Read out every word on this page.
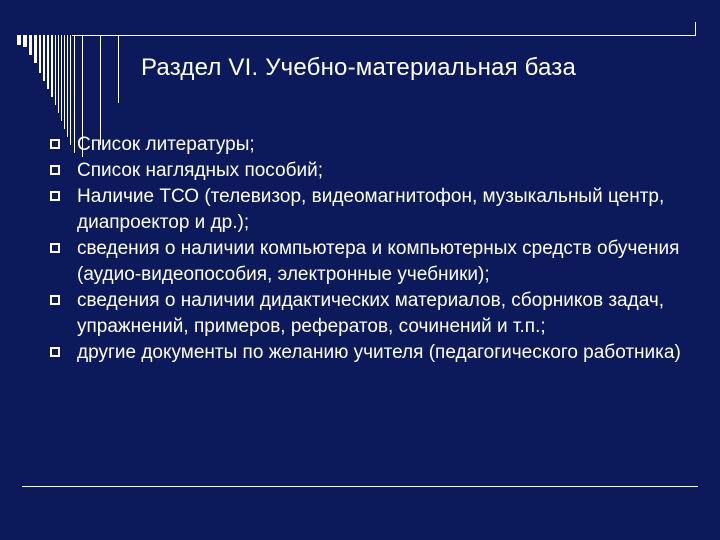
Раздел VI. Учебно-материальная база
Список литературы;
Список наглядных пособий;
Наличие ТСО (телевизор, видеомагнитофон, музыкальный центр, диапроектор и др.);
сведения о наличии компьютера и компьютерных средств обучения (аудио-видеопособия, электронные учебники);
сведения о наличии дидактических материалов, сборников задач, упражнений, примеров, рефератов, сочинений и т.п.;
другие документы по желанию учителя (педагогического работника)
